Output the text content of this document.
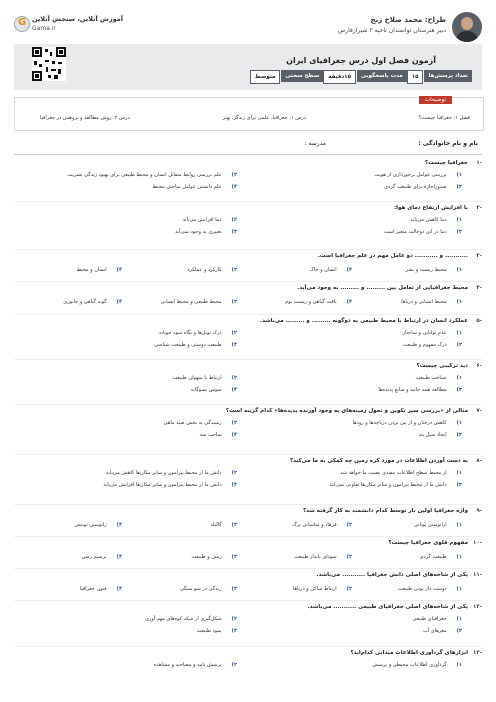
طراح: محمد صلاح زنج
دبیر هنرستان توانمندان ناحیه ۲ شیرازفارس
G
آموزش آنلاین، سنجش آنلاین
Gama.ir
آزمون فصل اول درس جغرافیای ایران
تعداد پرسش‌ها
۱۵
مدت پاسخگویی
۱۵دقیقه
سطح سختی
متوسط
توضیحات
فصل ۱: جغرافیا چیست؟
درس ۱: جغرافیا، علمی برای زندگی بهتر
درس ۲: روش مطالعه و پژوهش در جغرافیا
نام و نام خانوادگی :
مدرسه :
۱-
جغرافیا چیست؟
۱)بررسی عوامل برخورداری از هویت
۲)علم بررسی روابط متقابل انسان و محیط طبیعی برای بهبود زندگی بشریت
۳)صدوراجازه برای طبیعت گردی
۴)علم دانستن عوامل ساختی محیط
۲-
با افزایش ارتفاع دمای هوا:
۱)دما کاهش می‌یابد
۲)دما افزایش می‌یابد
۳)دما در این دوحالت متغیر است
۴)تغییری به وجود نمی‌آید
۳-
........... و ........... دو عامل مهم در علم جغرافیا است.
۱)محیط زیست و بشر
۲)انسان و خاک
۳)کارکرد و عملکرد
۴)انسان و محیط
۴-
محیط جغرافیایی از تعامل بین ......... و ......... به وجود می‌آید.
۱)محیط انسانی و دریاها
۲)بافت گیاهی و زیست بوم
۳)محیط طبیعی و محیط انسانی
۴)گونه گیاهی و جانوری
۵-
عملکرد انسان در ارتباط با محیط طبیعی به دوگونه ......... و ......... می‌باشد.
۱)عدم توانایی و ساختار
۲)درک تونل‌ها و نگاه سود جویانه
۳)درک مفهوم و طبیعت
۴)طبیعت دوستی و طبیعت شناسی
۶-
دید ترکیبی چیست؟
۱)شناخت طبیعت
۲)ارتباط با سهولن طبیعت
۳)مطالعه همه جانبه و منابع پدیده‌ها
۴)سوس پسوگانه
۷-
مثالی از «بررسی سیر تکوین و تحول زمینه‌های به وجود آورنده پدیده‌ها» کدام گزینه است؟
۱)کاهش درختان و از بین بردن دریاچه‌ها و رودها
۲)رسیدگی به بخش صید ماهی
۳)ایجاد سیل بند
۴)ساخت سد
۸-
به دست آوردن اطلاعات در مورد کره زمین چه کمکی به ما می‌کند؟
۱)از محیط سطح اطلاعات مفیدی نصیب ما خواهد شد
۲)دانش ما از محیط پیرامون و سایر مکان‌ها کاهش می‌یابد
۳)دانش ما از محیط پیرامون و سایر مکان‌ها تفاوتی نمی‌کند
۴)دانش ما از محیط پیرامون و سایر مکان‌ها افزایش می‌یابد
۹-
واژه جغرافیا اولین بار توسط کدام دانشمند به کار گرفته شد؟
۱)اراتوستن یونانی
۲)فرهاد و ساسانی برگ
۳)گالیله
۴)راتوستن توننس
۱۰-
مفهوم قلوی جغرافیا چیست؟
۱)طبیعت گردی
۲)سودای پایدار طبیعت
۳)زمین و طبیعت
۴)ترسیم زمین
۱۱-
یکی از شاخه‌های اصلی دانش جغرافیا ........... می‌باشد.
۱)دوست دار بودن طبیعت
۲)ارتباط ساکن و دریاها
۳)زندگی در سو سنگی
۴)فنون جغرافیا
۱۲-
یکی از شاخه‌های اصلی جغرافیای طبیعی ........... می‌باشد.
۱)جغرافیای طبیعی
۲)شکل‌گیری از شکه کوه‌های مهم آوری
۳)مغزهای آب
۴)پمود طبیعت
۱۳-
ابزارهای گردآوری اطلاعات میدانی کدام‌اند؟
۱)گردآوری اطلاعات محیطی و پرسش
۲)پرسش نامه و مصاحبه و مشاهده
